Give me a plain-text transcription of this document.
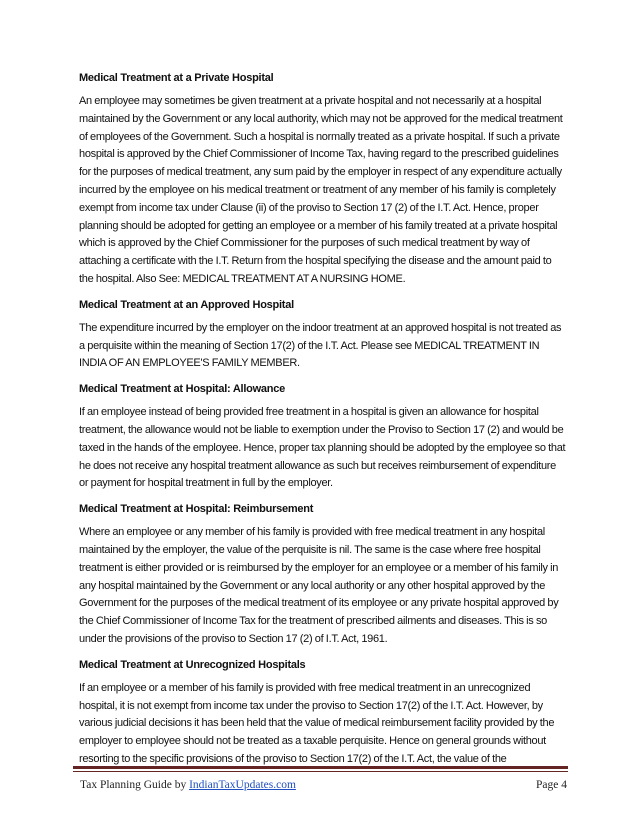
Medical Treatment at a Private Hospital
An employee may sometimes be given treatment at a private hospital and not necessarily at a hospital maintained by the Government or any local authority, which may not be approved for the medical treatment of employees of the Government. Such a hospital is normally treated as a private hospital. If such a private hospital is approved by the Chief Commissioner of Income Tax, having regard to the prescribed guidelines for the purposes of medical treatment, any sum paid by the employer in respect of any expenditure actually incurred by the employee on his medical treatment or treatment of any member of his family is completely exempt from income tax under Clause (ii) of the proviso to Section 17 (2) of the I.T. Act. Hence, proper planning should be adopted for getting an employee or a member of his family treated at a private hospital which is approved by the Chief Commissioner for the purposes of such medical treatment by way of attaching a certificate with the I.T. Return from the hospital specifying the disease and the amount paid to the hospital. Also See: MEDICAL TREATMENT AT A NURSING HOME.
Medical Treatment at an Approved Hospital
The expenditure incurred by the employer on the indoor treatment at an approved hospital is not treated as a perquisite within the meaning of Section 17(2) of the I.T. Act. Please see MEDICAL TREATMENT IN INDIA OF AN EMPLOYEE'S FAMILY MEMBER.
Medical Treatment at Hospital: Allowance
If an employee instead of being provided free treatment in a hospital is given an allowance for hospital treatment, the allowance would not be liable to exemption under the Proviso to Section 17 (2) and would be taxed in the hands of the employee. Hence, proper tax planning should be adopted by the employee so that he does not receive any hospital treatment allowance as such but receives reimbursement of expenditure or payment for hospital treatment in full by the employer.
Medical Treatment at Hospital: Reimbursement
Where an employee or any member of his family is provided with free medical treatment in any hospital maintained by the employer, the value of the perquisite is nil. The same is the case where free hospital treatment is either provided or is reimbursed by the employer for an employee or a member of his family in any hospital maintained by the Government or any local authority or any other hospital approved by the Government for the purposes of the medical treatment of its employee or any private hospital approved by the Chief Commissioner of Income Tax for the treatment of prescribed ailments and diseases. This is so under the provisions of the proviso to Section 17 (2) of I.T. Act, 1961.
Medical Treatment at Unrecognized Hospitals
If an employee or a member of his family is provided with free medical treatment in an unrecognized hospital, it is not exempt from income tax under the proviso to Section 17(2) of the I.T. Act. However, by various judicial decisions it has been held that the value of medical reimbursement facility provided by the employer to employee should not be treated as a taxable perquisite. Hence on general grounds without resorting to the specific provisions of the proviso to Section 17(2) of the I.T. Act, the value of the
Tax Planning Guide by IndianTaxUpdates.com	Page 4
